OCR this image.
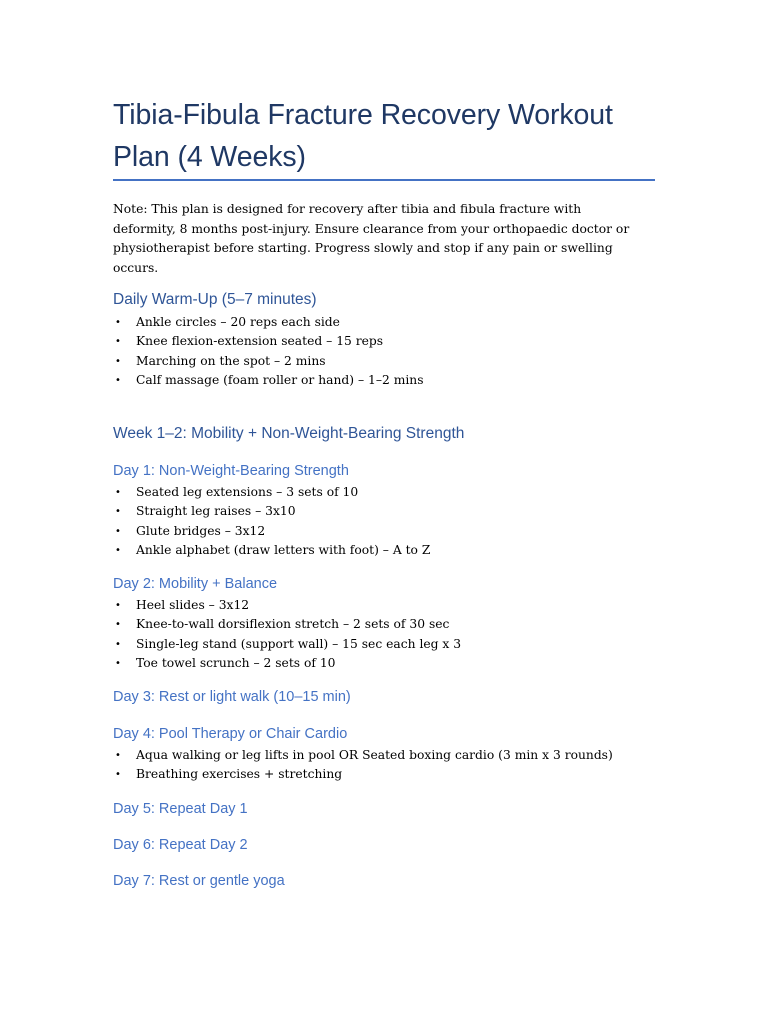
Tibia-Fibula Fracture Recovery Workout Plan (4 Weeks)

Note: This plan is designed for recovery after tibia and fibula fracture with deformity, 8 months post-injury. Ensure clearance from your orthopaedic doctor or physiotherapist before starting. Progress slowly and stop if any pain or swelling occurs.

Daily Warm-Up (5–7 minutes)
• Ankle circles – 20 reps each side
• Knee flexion-extension seated – 15 reps
• Marching on the spot – 2 mins
• Calf massage (foam roller or hand) – 1–2 mins
Week 1–2: Mobility + Non-Weight-Bearing Strength
Day 1: Non-Weight-Bearing Strength
• Seated leg extensions – 3 sets of 10
• Straight leg raises – 3x10
• Glute bridges – 3x12
• Ankle alphabet (draw letters with foot) – A to Z
Day 2: Mobility + Balance
• Heel slides – 3x12
• Knee-to-wall dorsiflexion stretch – 2 sets of 30 sec
• Single-leg stand (support wall) – 15 sec each leg x 3
• Toe towel scrunch – 2 sets of 10
Day 3: Rest or light walk (10–15 min)
Day 4: Pool Therapy or Chair Cardio
• Aqua walking or leg lifts in pool OR Seated boxing cardio (3 min x 3 rounds)
• Breathing exercises + stretching
Day 5: Repeat Day 1
Day 6: Repeat Day 2
Day 7: Rest or gentle yoga
